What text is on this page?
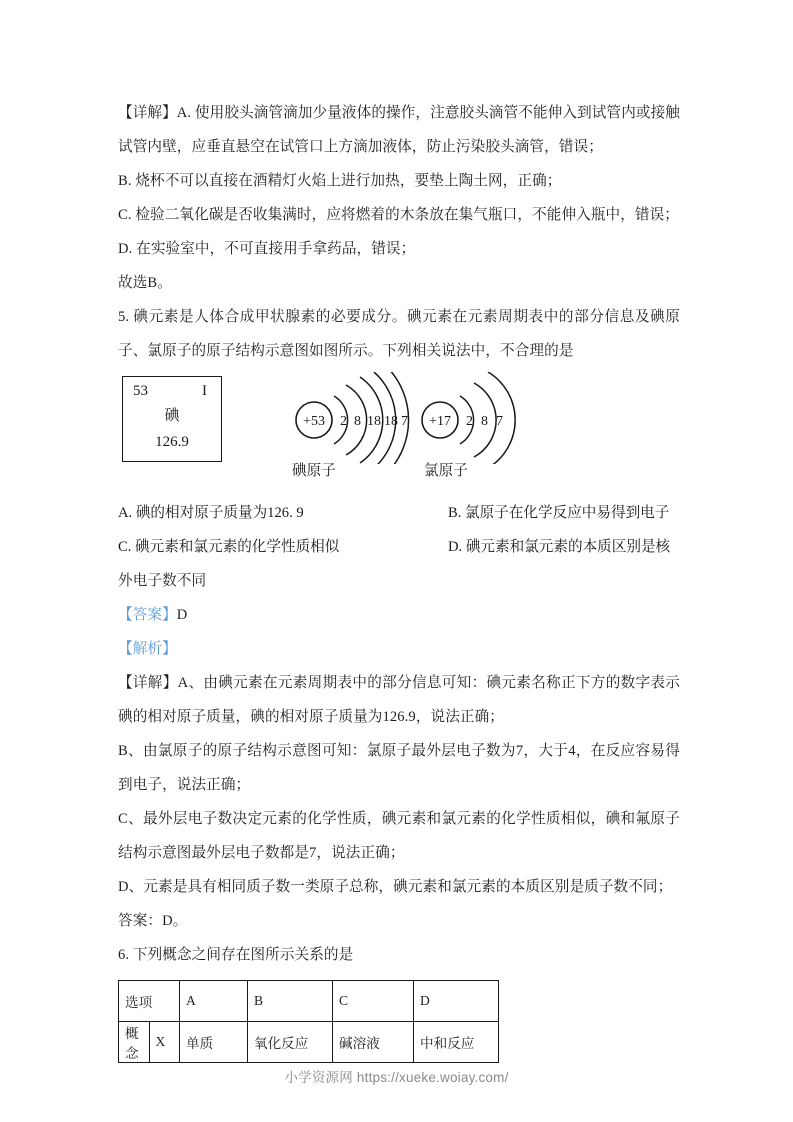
【详解】A. 使用胶头滴管滴加少量液体的操作，注意胶头滴管不能伸入到试管内或接触试管内壁，应垂直悬空在试管口上方滴加液体，防止污染胶头滴管，错误；

B. 烧杯不可以直接在酒精灯火焰上进行加热，要垫上陶土网，正确；

C. 检验二氧化碳是否收集满时，应将燃着的木条放在集气瓶口，不能伸入瓶中，错误；

D. 在实验室中，不可直接用手拿药品，错误；

故选B。

5. 碘元素是人体合成甲状腺素的必要成分。碘元素在元素周期表中的部分信息及碘原子、氯原子的原子结构示意图如图所示。下列相关说法中，不合理的是

53	I
碘
126.9
+53 2 8 18 18 7
碘原子
+17 2 8 7
氯原子
A. 碘的相对原子质量为126. 9	B. 氯原子在化学反应中易得到电子
C. 碘元素和氯元素的化学性质相似	D. 碘元素和氯元素的本质区别是核

外电子数不同

【答案】D

【解析】

【详解】A、由碘元素在元素周期表中的部分信息可知：碘元素名称正下方的数字表示碘的相对原子质量，碘的相对原子质量为126.9，说法正确；

B、由氯原子的原子结构示意图可知：氯原子最外层电子数为7，大于4，在反应容易得到电子，说法正确；

C、最外层电子数决定元素的化学性质，碘元素和氯元素的化学性质相似，碘和氟原子结构示意图最外层电子数都是7，说法正确；

D、元素是具有相同质子数一类原子总称，碘元素和氯元素的本质区别是质子数不同；

答案：D。

6. 下列概念之间存在图所示关系的是

选项		A	B	C	D
概念	X	单质	氧化反应	碱溶液	中和反应
小学资源网 https://xueke.woiay.com/
